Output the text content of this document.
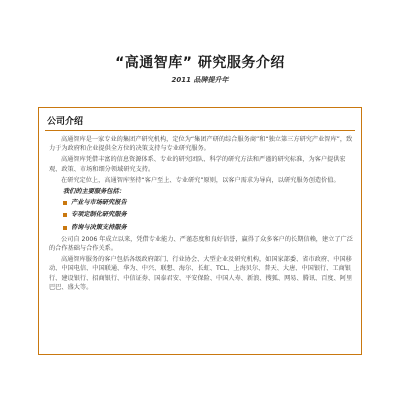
“高通智库” 研究服务介绍
2011 品牌提升年
公司介绍

高通智库是一家专业的集团产研究机构，定位为“集团产研的综合服务商”和“独立第三方研究产业智库”，致力于为政府和企业提供全方位的决策支持与专业研究服务。

高通智库凭借丰富的信息资源体系、专业的研究团队、科学的研究方法和严谨的研究标准，为客户提供宏观、政策、市场和细分领域研究支持。

在研究定位上，高通智库坚持“客户至上、专业研究”原则，以客户需求为导向，以研究服务创造价值。

我们的主要服务包括：
产业与市场研究报告
专项定制化研究服务
咨询与决策支持服务

公司自 2006 年成立以来，凭借专业能力、严谨态度和良好信誉，赢得了众多客户的长期信赖，建立了广泛的合作基础与合作关系。

高通智库服务的客户包括各级政府部门、行业协会、大型企业及研究机构，如国家部委、省市政府、中国移动、中国电信、中国联通、华为、中兴、联想、海尔、长虹、TCL、上海贝尔、普天、大唐、中国银行、工商银行、建设银行、招商银行、中信证券、国泰君安、平安保险、中国人寿、新浪、搜狐、网易、腾讯、百度、阿里巴巴、盛大等。
